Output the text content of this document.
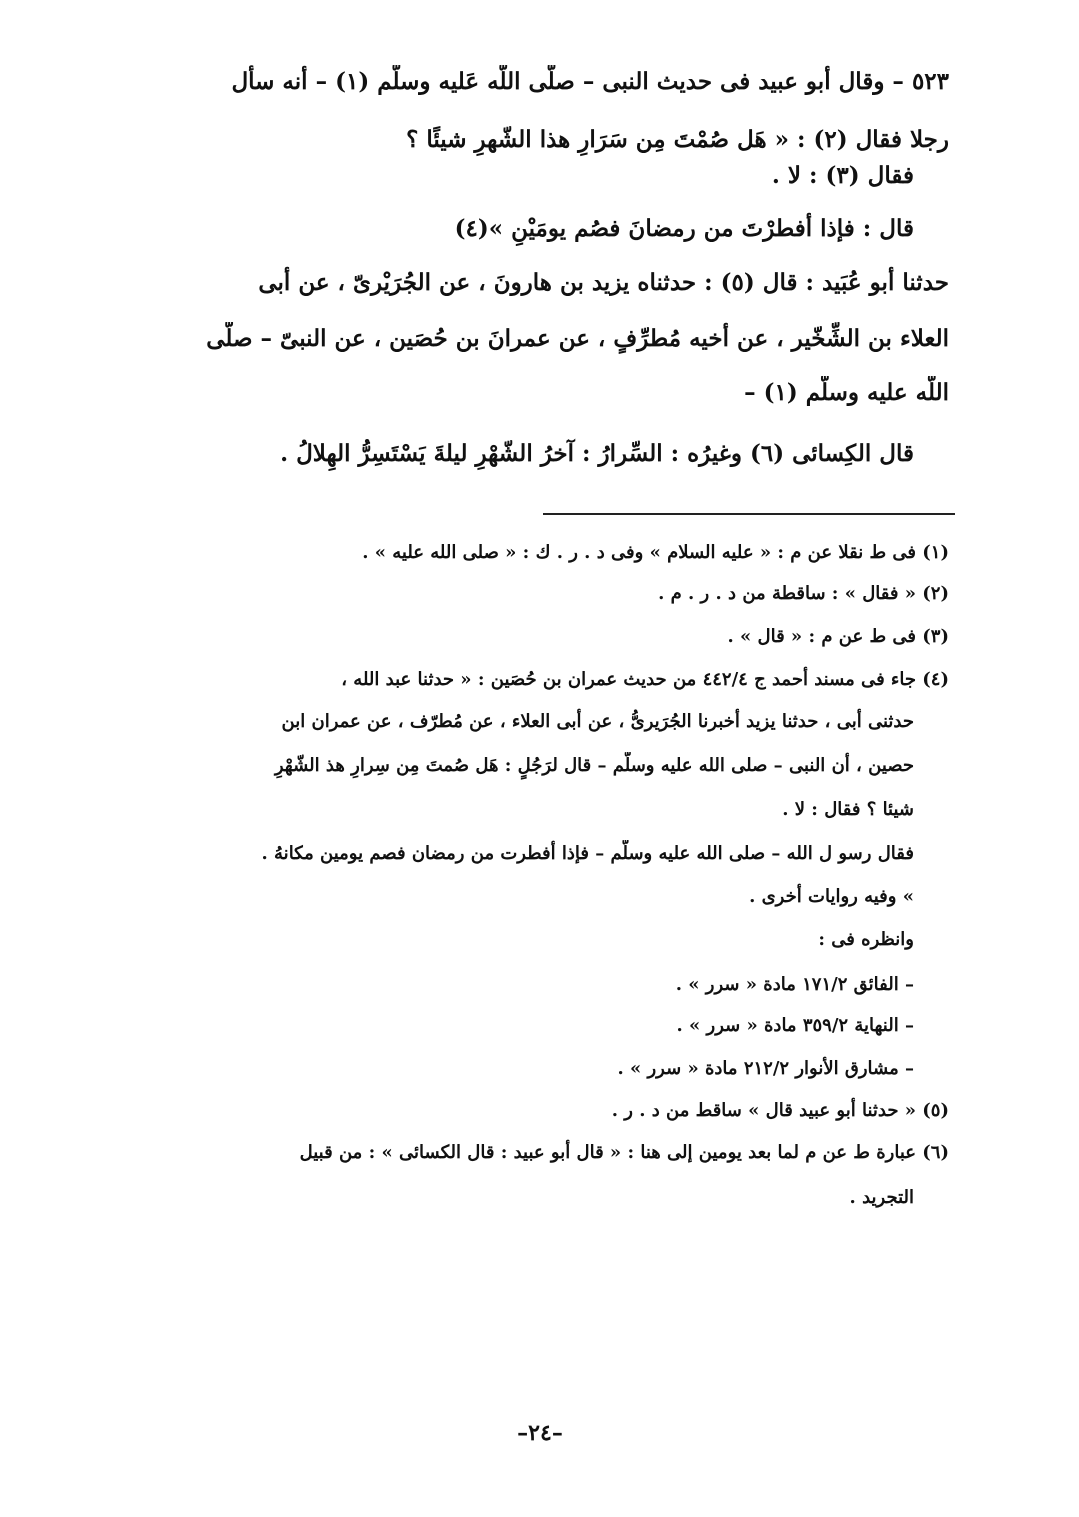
٥٢٣ – وقال أبو عبيد فى حديث النبى – صلّى اللّه عَليه وسلّم (١) – أنه سأل
رجلا فقال (٢) : « هَل صُمْتَ مِن سَرَارِ هذا الشّهرِ شيئًا ؟
فقال (٣) : لا .
قال : فإذا أفطرْتَ من رمضانَ فصُم يومَيْنِ »(٤)
حدثنا أبو عُبَيد : قال (٥) : حدثناه يزيد بن هارونَ ، عن الجُرَيْرىّ ، عن أبى
العلاء بن الشِّخّير ، عن أخيه مُطرِّفٍ ، عن عمرانَ بن حُصَين ، عن النبىّ – صلّى
اللّه عليه وسلّم (١) –
قال الكِسائى (٦) وغيرُه : السِّرارُ : آخرُ الشّهْرِ ليلةَ يَسْتَسِرُّ الهِلالُ .
(١) فى ط نقلا عن م : « عليه السلام » وفى د . ر . ك : « صلى الله عليه » .
(٢) « فقال » : ساقطة من د . ر . م .
(٣) فى ط عن م : « قال » .
(٤) جاء فى مسند أحمد ج ٤٤٢/٤ من حديث عمران بن حُصَين : « حدثنا عبد الله ،
حدثنى أبى ، حدثنا يزيد أخبرنا الجُرَيرىُّ ، عن أبى العلاء ، عن مُطرّف ، عن عمران ابن
حصين ، أن النبى – صلى الله عليه وسلّم – قال لرَجُلٍ : هَل صُمتَ مِن سِرارِ هذ الشّهْرِ
شيئا ؟ فقال : لا .
فقال رسو ل الله – صلى الله عليه وسلّم – فإذا أفطرت من رمضان فصم يومين مكانهُ .
» وفيه روايات أخرى .
وانظره فى :
– الفائق ١٧١/٢ مادة « سرر » .
– النهاية ٣٥٩/٢ مادة « سرر » .
– مشارق الأنوار ٢١٢/٢ مادة « سرر » .
(٥) « حدثنا أبو عبيد قال » ساقط من د . ر .
(٦) عبارة ط عن م لما بعد يومين إلى هنا : « قال أبو عبيد : قال الكسائى » : من قبيل
التجريد .
–٢٤–
